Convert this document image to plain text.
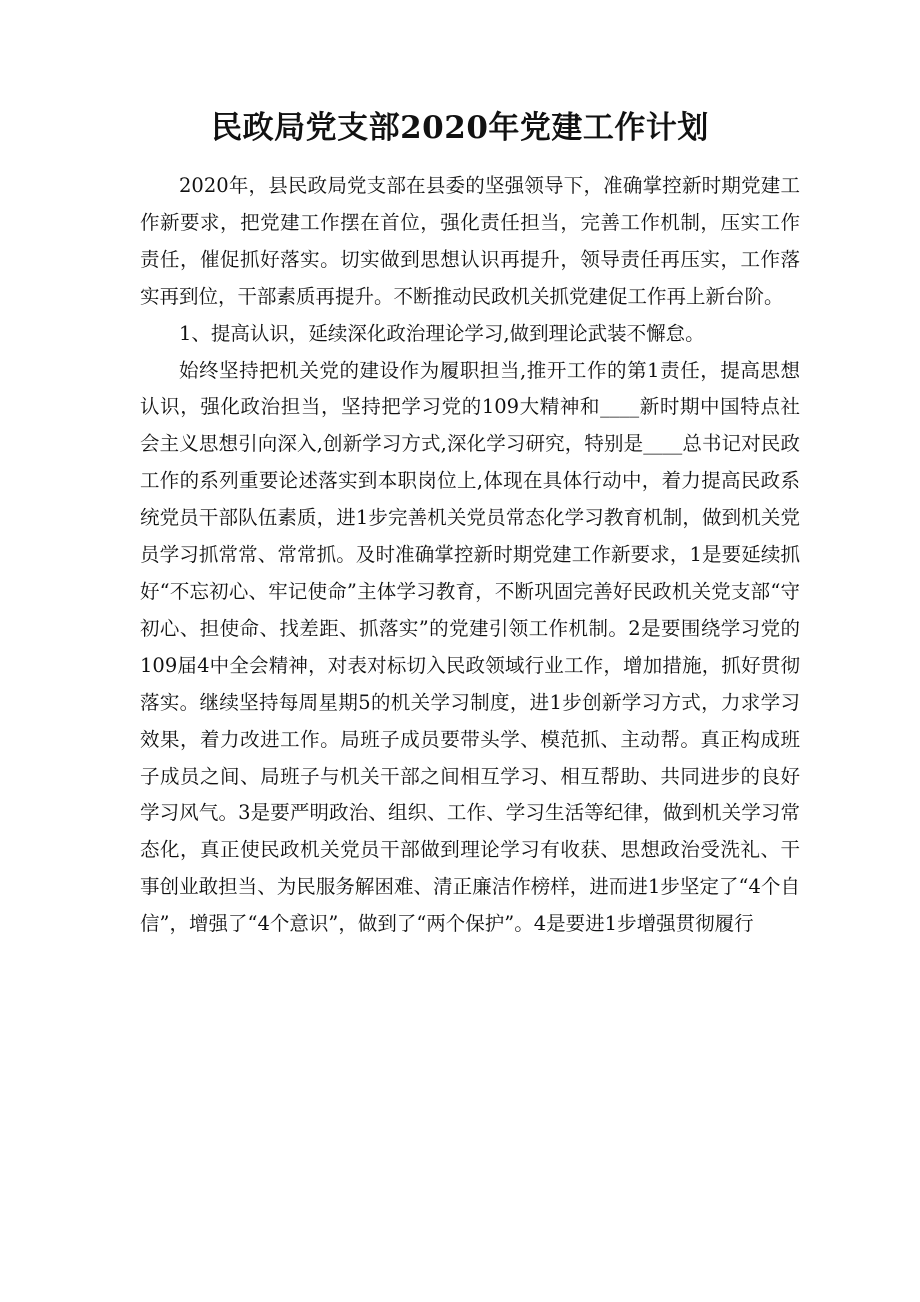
民政局党支部2020年党建工作计划

2020年，县民政局党支部在县委的坚强领导下，准确掌控新时期党建工作新要求，把党建工作摆在首位，强化责任担当，完善工作机制，压实工作责任，催促抓好落实。切实做到思想认识再提升，领导责任再压实，工作落实再到位，干部素质再提升。不断推动民政机关抓党建促工作再上新台阶。

1、提高认识，延续深化政治理论学习,做到理论武装不懈怠。

始终坚持把机关党的建设作为履职担当,推开工作的第1责任，提高思想认识，强化政治担当，坚持把学习党的109大精神和____新时期中国特点社会主义思想引向深入,创新学习方式,深化学习研究，特别是____总书记对民政工作的系列重要论述落实到本职岗位上,体现在具体行动中，着力提高民政系统党员干部队伍素质，进1步完善机关党员常态化学习教育机制，做到机关党员学习抓常常、常常抓。及时准确掌控新时期党建工作新要求，1是要延续抓好“不忘初心、牢记使命”主体学习教育，不断巩固完善好民政机关党支部“守初心、担使命、找差距、抓落实”的党建引领工作机制。2是要围绕学习党的109届4中全会精神，对表对标切入民政领域行业工作，增加措施，抓好贯彻落实。继续坚持每周星期5的机关学习制度，进1步创新学习方式，力求学习效果，着力改进工作。局班子成员要带头学、模范抓、主动帮。真正构成班子成员之间、局班子与机关干部之间相互学习、相互帮助、共同进步的良好学习风气。3是要严明政治、组织、工作、学习生活等纪律，做到机关学习常态化，真正使民政机关党员干部做到理论学习有收获、思想政治受洗礼、干事创业敢担当、为民服务解困难、清正廉洁作榜样，进而进1步坚定了“4个自信”，增强了“4个意识”，做到了“两个保护”。4是要进1步增强贯彻履行
